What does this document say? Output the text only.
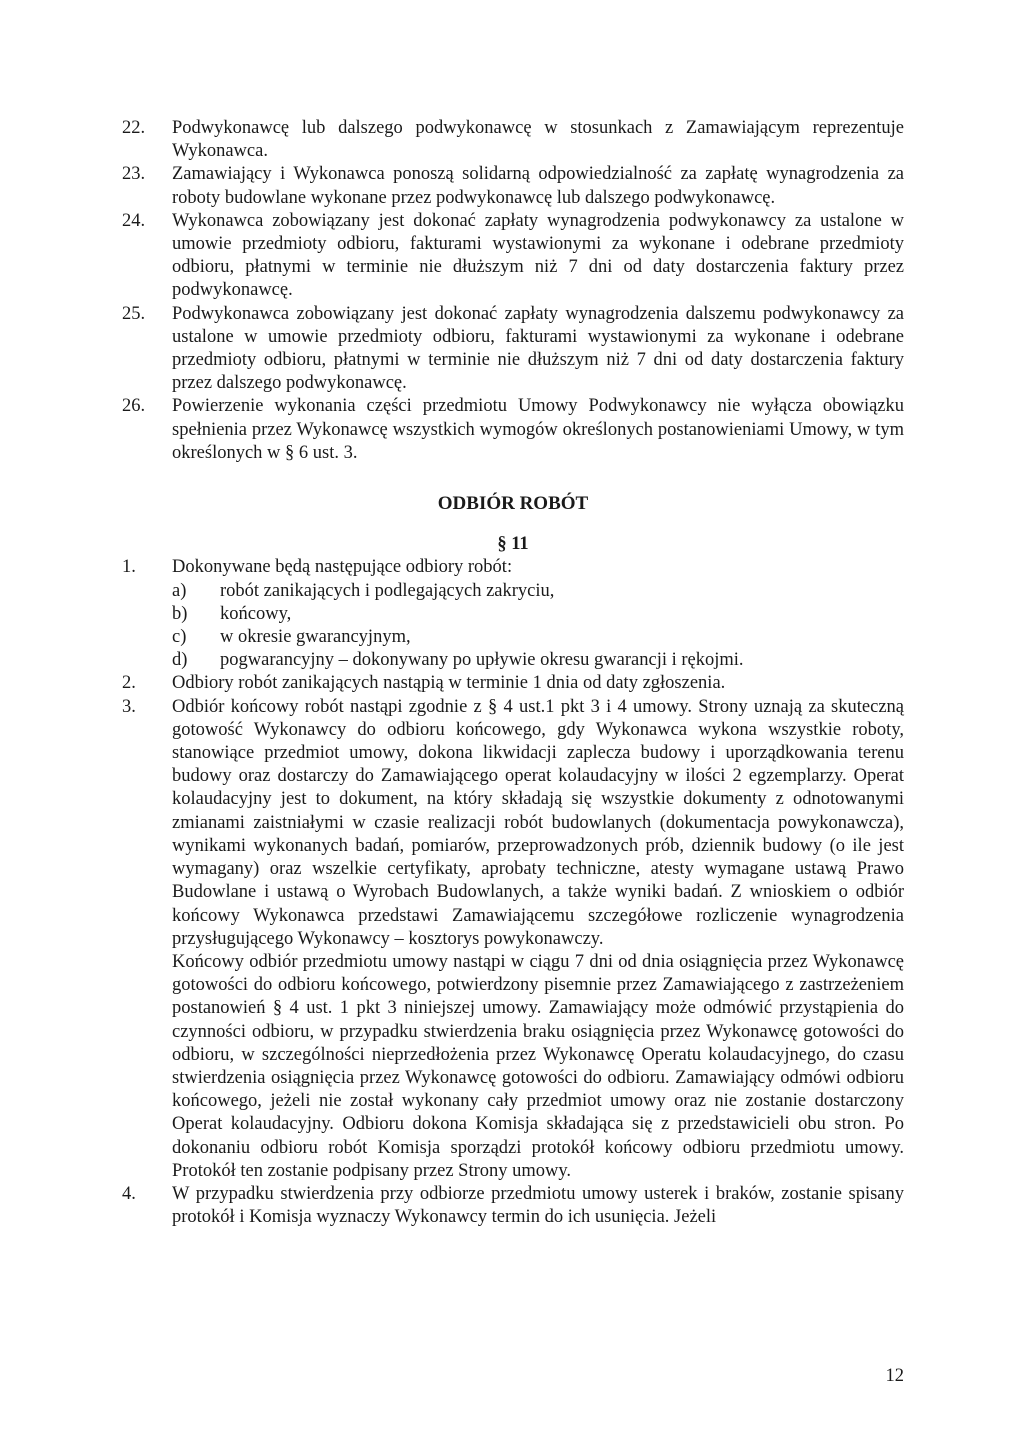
22. Podwykonawcę lub dalszego podwykonawcę w stosunkach z Zamawiającym reprezentuje Wykonawca.

23. Zamawiający i Wykonawca ponoszą solidarną odpowiedzialność za zapłatę wynagrodzenia za roboty budowlane wykonane przez podwykonawcę lub dalszego podwykonawcę.

24. Wykonawca zobowiązany jest dokonać zapłaty wynagrodzenia podwykonawcy za ustalone w umowie przedmioty odbioru, fakturami wystawionymi za wykonane i odebrane przedmioty odbioru, płatnymi w terminie nie dłuższym niż 7 dni od daty dostarczenia faktury przez podwykonawcę.

25. Podwykonawca zobowiązany jest dokonać zapłaty wynagrodzenia dalszemu podwykonawcy za ustalone w umowie przedmioty odbioru, fakturami wystawionymi za wykonane i odebrane przedmioty odbioru, płatnymi w terminie nie dłuższym niż 7 dni od daty dostarczenia faktury przez dalszego podwykonawcę.

26. Powierzenie wykonania części przedmiotu Umowy Podwykonawcy nie wyłącza obowiązku spełnienia przez Wykonawcę wszystkich wymogów określonych postanowieniami Umowy, w tym określonych w § 6 ust. 3.

ODBIÓR ROBÓT
§ 11
1. Dokonywane będą następujące odbiory robót:

a) robót zanikających i podlegających zakryciu,
b) końcowy,
c) w okresie gwarancyjnym,
d) pogwarancyjny – dokonywany po upływie okresu gwarancji i rękojmi.
2. Odbiory robót zanikających nastąpią w terminie 1 dnia od daty zgłoszenia.

3. Odbiór końcowy robót nastąpi zgodnie z § 4 ust.1 pkt 3 i 4 umowy. Strony uznają za skuteczną gotowość Wykonawcy do odbioru końcowego, gdy Wykonawca wykona wszystkie roboty, stanowiące przedmiot umowy, dokona likwidacji zaplecza budowy i uporządkowania terenu budowy oraz dostarczy do Zamawiającego operat kolaudacyjny w ilości 2 egzemplarzy. Operat kolaudacyjny jest to dokument, na który składają się wszystkie dokumenty z odnotowanymi zmianami zaistniałymi w czasie realizacji robót budowlanych (dokumentacja powykonawcza), wynikami wykonanych badań, pomiarów, przeprowadzonych prób, dziennik budowy (o ile jest wymagany) oraz wszelkie certyfikaty, aprobaty techniczne, atesty wymagane ustawą Prawo Budowlane i ustawą o Wyrobach Budowlanych, a także wyniki badań. Z wnioskiem o odbiór końcowy Wykonawca przedstawi Zamawiającemu szczegółowe rozliczenie wynagrodzenia przysługującego Wykonawcy – kosztorys powykonawczy.

Końcowy odbiór przedmiotu umowy nastąpi w ciągu 7 dni od dnia osiągnięcia przez Wykonawcę gotowości do odbioru końcowego, potwierdzony pisemnie przez Zamawiającego z zastrzeżeniem postanowień § 4 ust. 1 pkt 3 niniejszej umowy. Zamawiający może odmówić przystąpienia do czynności odbioru, w przypadku stwierdzenia braku osiągnięcia przez Wykonawcę gotowości do odbioru, w szczególności nieprzedłożenia przez Wykonawcę Operatu kolaudacyjnego, do czasu stwierdzenia osiągnięcia przez Wykonawcę gotowości do odbioru. Zamawiający odmówi odbioru końcowego, jeżeli nie został wykonany cały przedmiot umowy oraz nie zostanie dostarczony Operat kolaudacyjny. Odbioru dokona Komisja składająca się z przedstawicieli obu stron. Po dokonaniu odbioru robót Komisja sporządzi protokół końcowy odbioru przedmiotu umowy. Protokół ten zostanie podpisany przez Strony umowy.

4. W przypadku stwierdzenia przy odbiorze przedmiotu umowy usterek i braków, zostanie spisany protokół i Komisja wyznaczy Wykonawcy termin do ich usunięcia. Jeżeli

12
